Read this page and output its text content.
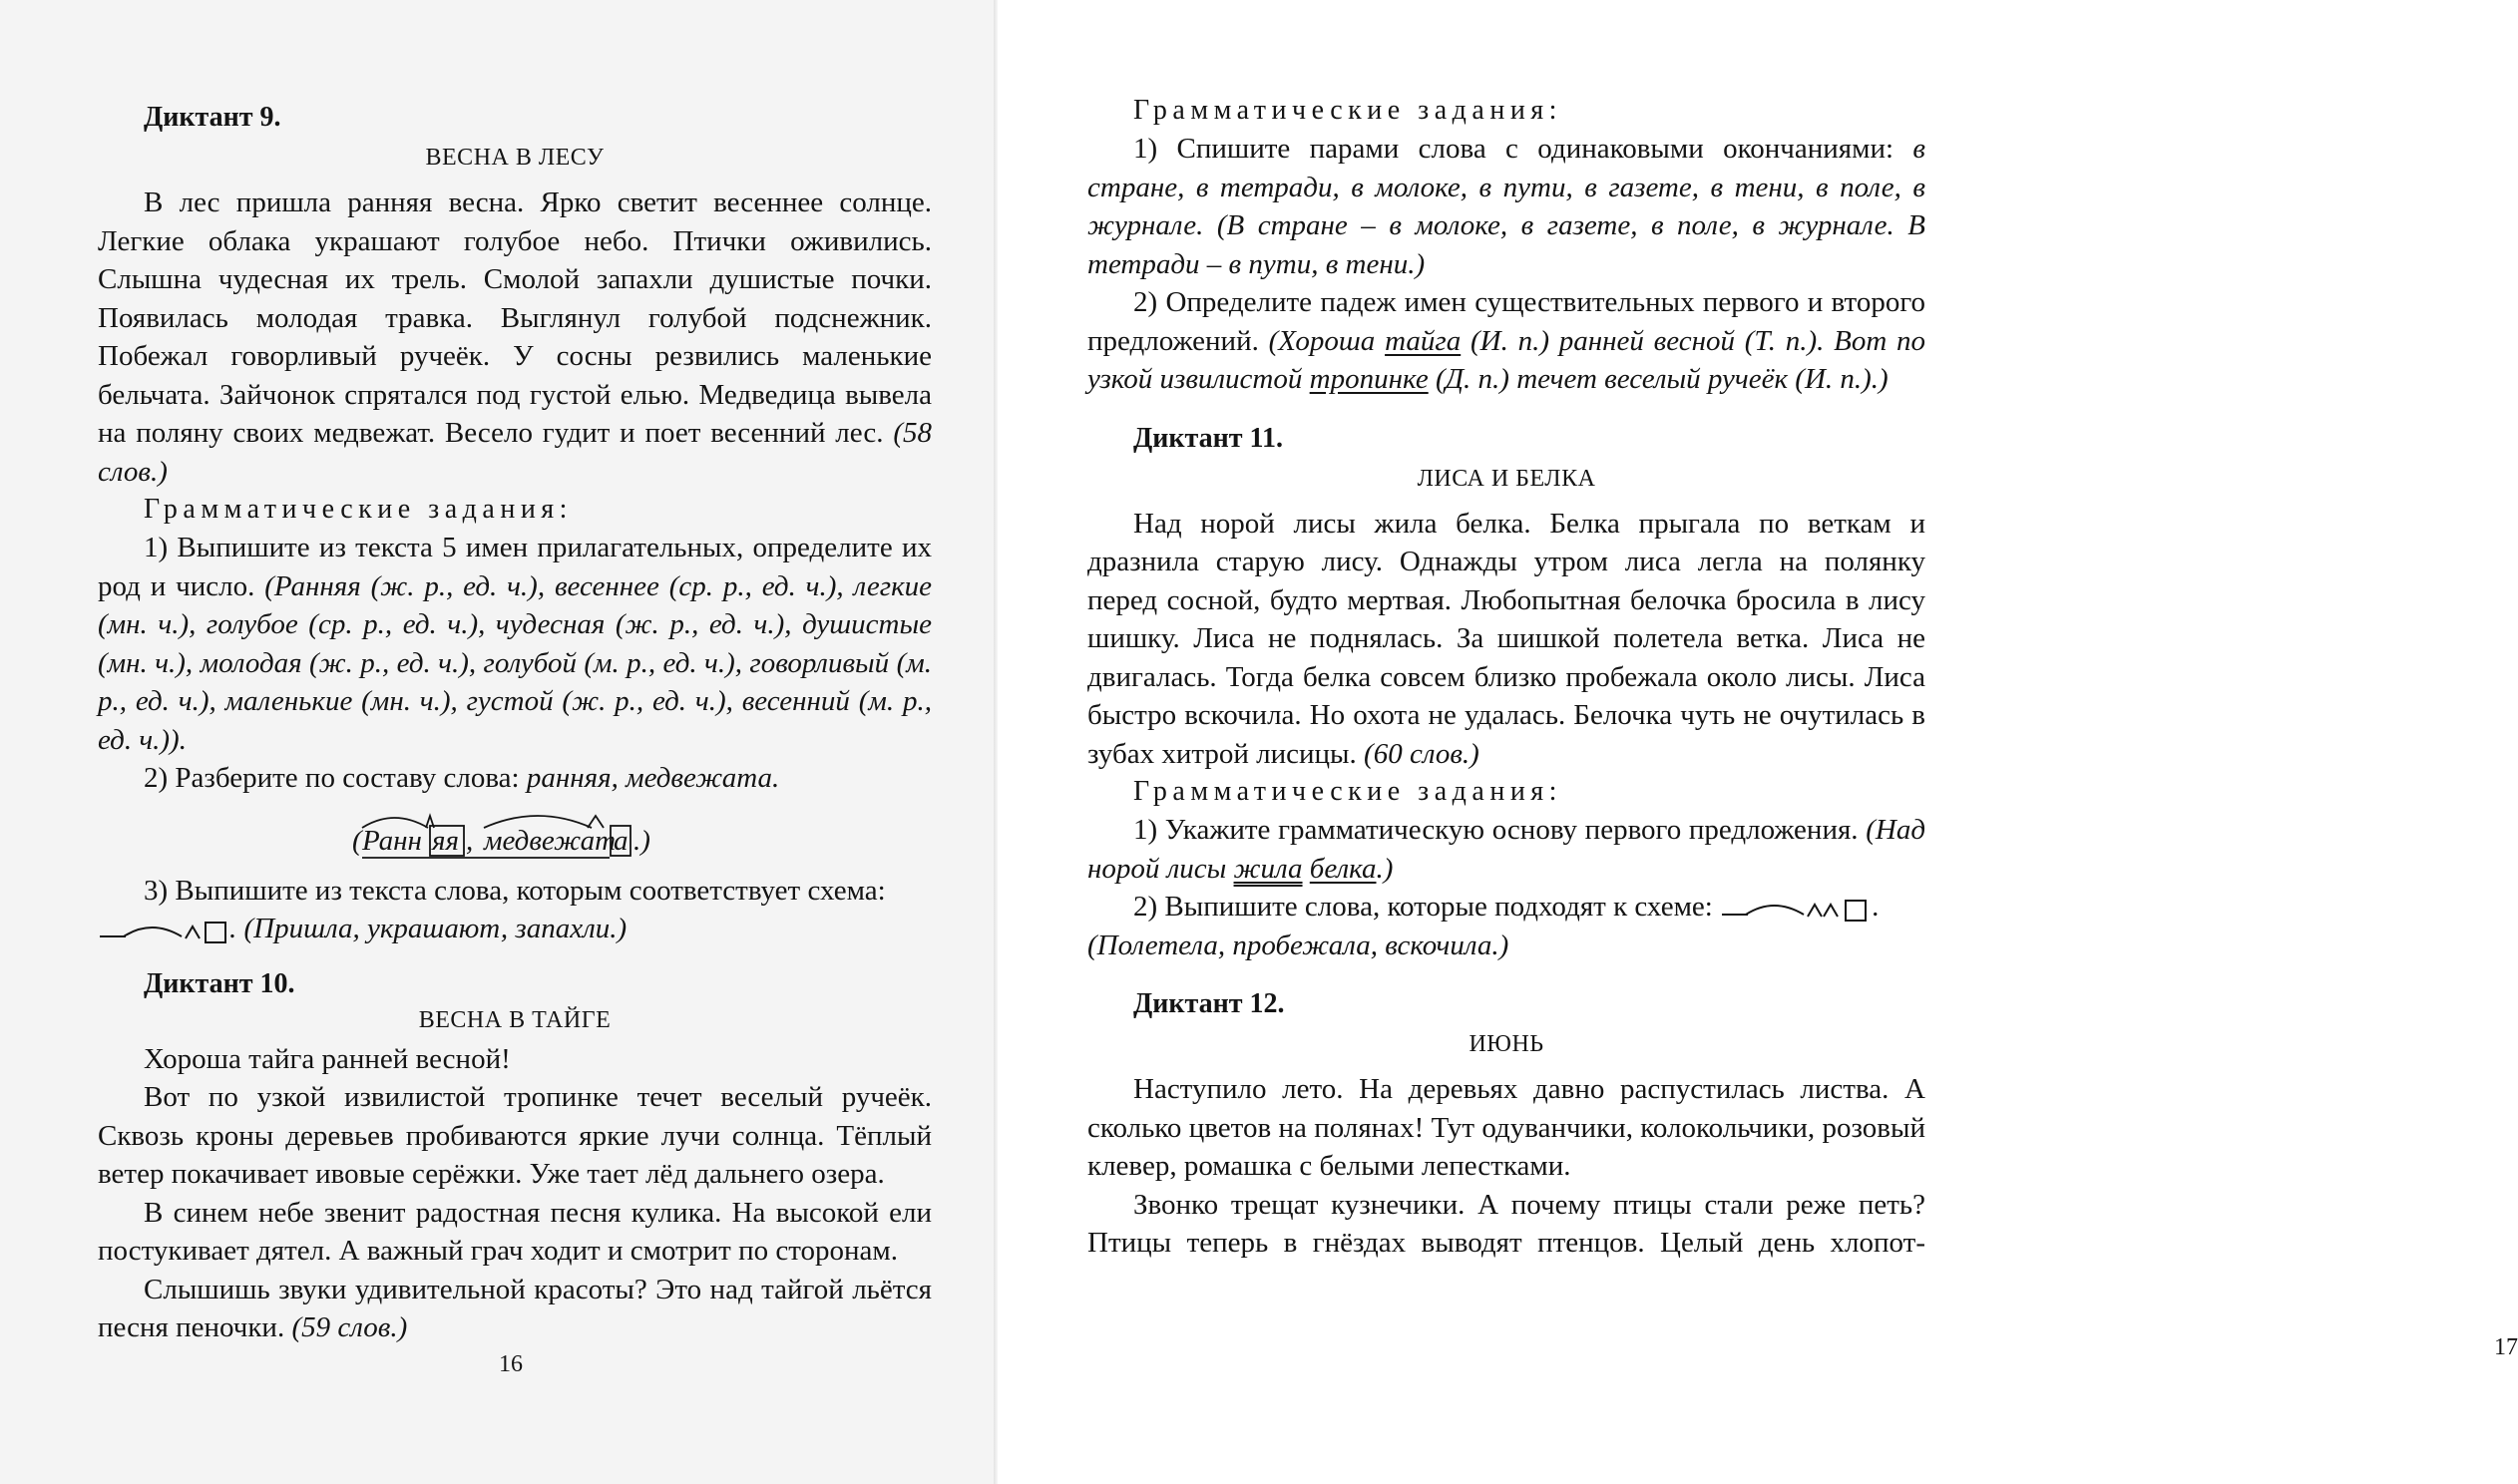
Диктант 9.
ВЕСНА В ЛЕСУ

В лес пришла ранняя весна. Ярко светит весеннее солнце. Легкие облака украшают голубое небо. Птички оживились. Слышна чудесная их трель. Смолой запахли душистые почки. Появилась молодая травка. Выглянул голубой подснежник. Побежал говорливый ручеёк. У сосны резвились маленькие бельчата. Зайчонок спрятался под густой елью. Медведица вывела на поляну своих медвежат. Весело гудит и поет весенний лес. (58 слов.)

Грамматические задания:

1) Выпишите из текста 5 имен прилагательных, определите их род и число. (Ранняя (ж. р., ед. ч.), весеннее (ср. р., ед. ч.), легкие (мн. ч.), голубое (ср. р., ед. ч.), чудесная (ж. р., ед. ч.), душистые (мн. ч.), молодая (ж. р., ед. ч.), голубой (м. р., ед. ч.), говорливый (м. р., ед. ч.), маленькие (мн. ч.), густой (ж. р., ед. ч.), весенний (м. р., ед. ч.)).

2) Разберите по составу слова: ранняя, медвежата.

( Ранн яя , медвежат
а .)

3) Выпишите из текста слова, которым соответствует схема:

. (Пришла, украшают, запахли.)

Диктант 10.
ВЕСНА В ТАЙГЕ

Хороша тайга ранней весной!

Вот по узкой извилистой тропинке течет веселый ручеёк. Сквозь кроны деревьев пробиваются яркие лучи солнца. Тёплый ветер покачивает ивовые серёжки. Уже тает лёд дальнего озера.

В синем небе звенит радостная песня кулика. На высокой ели постукивает дятел. А важный грач ходит и смотрит по сторонам.

Слышишь звуки удивительной красоты? Это над тайгой льётся песня пеночки. (59 слов.)

16

Грамматические задания:

1) Спишите парами слова с одинаковыми окончаниями: в стране, в тетради, в молоке, в пути, в газете, в тени, в поле, в журнале. (В стране – в молоке, в газете, в поле, в журнале. В тетради – в пути, в тени.)

2) Определите падеж имен существительных первого и второго предложений. (Хороша тайга (И. п.) ранней весной (Т. п.). Вот по узкой извилистой тропинке (Д. п.) течет веселый ручеёк (И. п.).)

Диктант 11.
ЛИСА И БЕЛКА

Над норой лисы жила белка. Белка прыгала по веткам и дразнила старую лису. Однажды утром лиса легла на полянку перед сосной, будто мертвая. Любопытная белочка бросила в лису шишку. Лиса не поднялась. За шишкой полетела ветка. Лиса не двигалась. Тогда белка совсем близко пробежала около лисы. Лиса быстро вскочила. Но охота не удалась. Белочка чуть не очутилась в зубах хитрой лисицы. (60 слов.)

Грамматические задания:

1) Укажите грамматическую основу первого предложения. (Над норой лисы жила белка.)

2) Выпишите слова, которые подходят к схеме:	.

(Полетела, пробежала, вскочила.)

Диктант 12.
ИЮНЬ

Наступило лето. На деревьях давно распустилась листва. А сколько цветов на полянах! Тут одуванчики, колокольчики, розовый клевер, ромашка с белыми лепестками.

Звонко трещат кузнечики. А почему птицы стали реже петь? Птицы теперь в гнёздах выводят птенцов. Целый день хлопот-

17
